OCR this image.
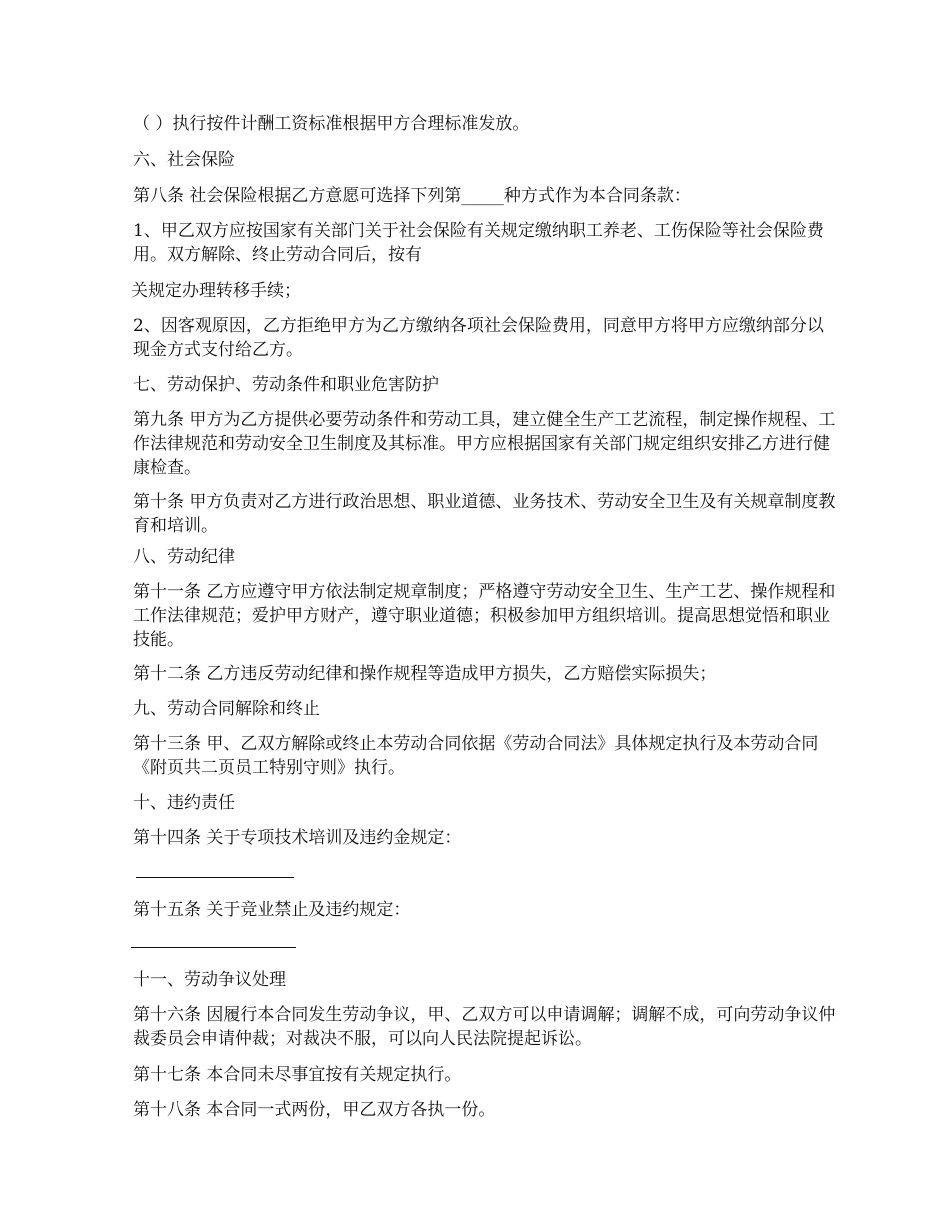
（ ）执行按件计酬工资标准根据甲方合理标准发放。

六、社会保险

第八条 社会保险根据乙方意愿可选择下列第_____种方式作为本合同条款：

1、甲乙双方应按国家有关部门关于社会保险有关规定缴纳职工养老、工伤保险等社会保险费用。双方解除、终止劳动合同后，按有

关规定办理转移手续；

2、因客观原因，乙方拒绝甲方为乙方缴纳各项社会保险费用，同意甲方将甲方应缴纳部分以现金方式支付给乙方。

七、劳动保护、劳动条件和职业危害防护

第九条 甲方为乙方提供必要劳动条件和劳动工具，建立健全生产工艺流程，制定操作规程、工作法律规范和劳动安全卫生制度及其标准。甲方应根据国家有关部门规定组织安排乙方进行健康检查。

第十条 甲方负责对乙方进行政治思想、职业道德、业务技术、劳动安全卫生及有关规章制度教育和培训。

八、劳动纪律

第十一条 乙方应遵守甲方依法制定规章制度；严格遵守劳动安全卫生、生产工艺、操作规程和工作法律规范；爱护甲方财产，遵守职业道德；积极参加甲方组织培训。提高思想觉悟和职业技能。

第十二条 乙方违反劳动纪律和操作规程等造成甲方损失，乙方赔偿实际损失；

九、劳动合同解除和终止

第十三条 甲、乙双方解除或终止本劳动合同依据《劳动合同法》具体规定执行及本劳动合同《附页共二页员工特别守则》执行。

十、违约责任

第十四条 关于专项技术培训及违约金规定：

第十五条 关于竞业禁止及违约规定：

十一、劳动争议处理

第十六条 因履行本合同发生劳动争议，甲、乙双方可以申请调解；调解不成，可向劳动争议仲裁委员会申请仲裁；对裁决不服，可以向人民法院提起诉讼。

第十七条 本合同未尽事宜按有关规定执行。

第十八条 本合同一式两份，甲乙双方各执一份。
